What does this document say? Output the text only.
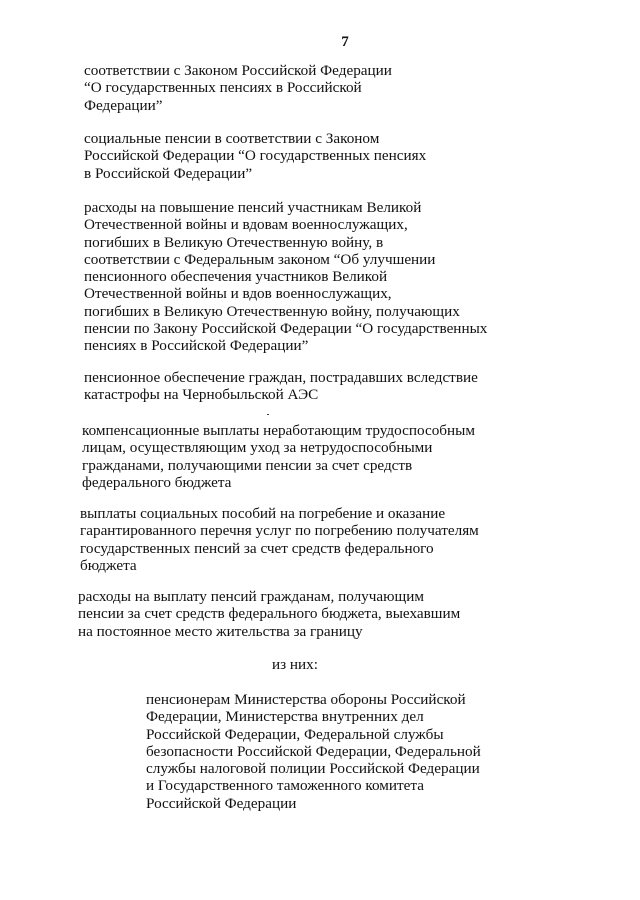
7
соответствии с Законом Российской Федерации
“О государственных пенсиях в Российской
Федерации”
социальные пенсии в соответствии с Законом
Российской Федерации “О государственных пенсиях
в Российской Федерации”
расходы на повышение пенсий участникам Великой
Отечественной войны и вдовам военнослужащих,
погибших в Великую Отечественную войну, в
соответствии с Федеральным законом “Об улучшении
пенсионного обеспечения участников Великой
Отечественной войны и вдов военнослужащих,
погибших в Великую Отечественную войну, получающих
пенсии по Закону Российской Федерации “О государственных
пенсиях в Российской Федерации”
пенсионное обеспечение граждан, пострадавших вследствие
катастрофы на Чернобыльской АЭС
компенсационные выплаты неработающим трудоспособным
лицам, осуществляющим уход за нетрудоспособными
гражданами, получающими пенсии за счет средств
федерального бюджета
выплаты социальных пособий на погребение и оказание
гарантированного перечня услуг по погребению получателям
государственных пенсий за счет средств федерального
бюджета
расходы на выплату пенсий гражданам, получающим
пенсии за счет средств федерального бюджета, выехавшим
на постоянное место жительства за границу
из них:
пенсионерам Министерства обороны Российской
Федерации, Министерства внутренних дел
Российской Федерации, Федеральной службы
безопасности Российской Федерации, Федеральной
службы налоговой полиции Российской Федерации
и Государственного таможенного комитета
Российской Федерации
